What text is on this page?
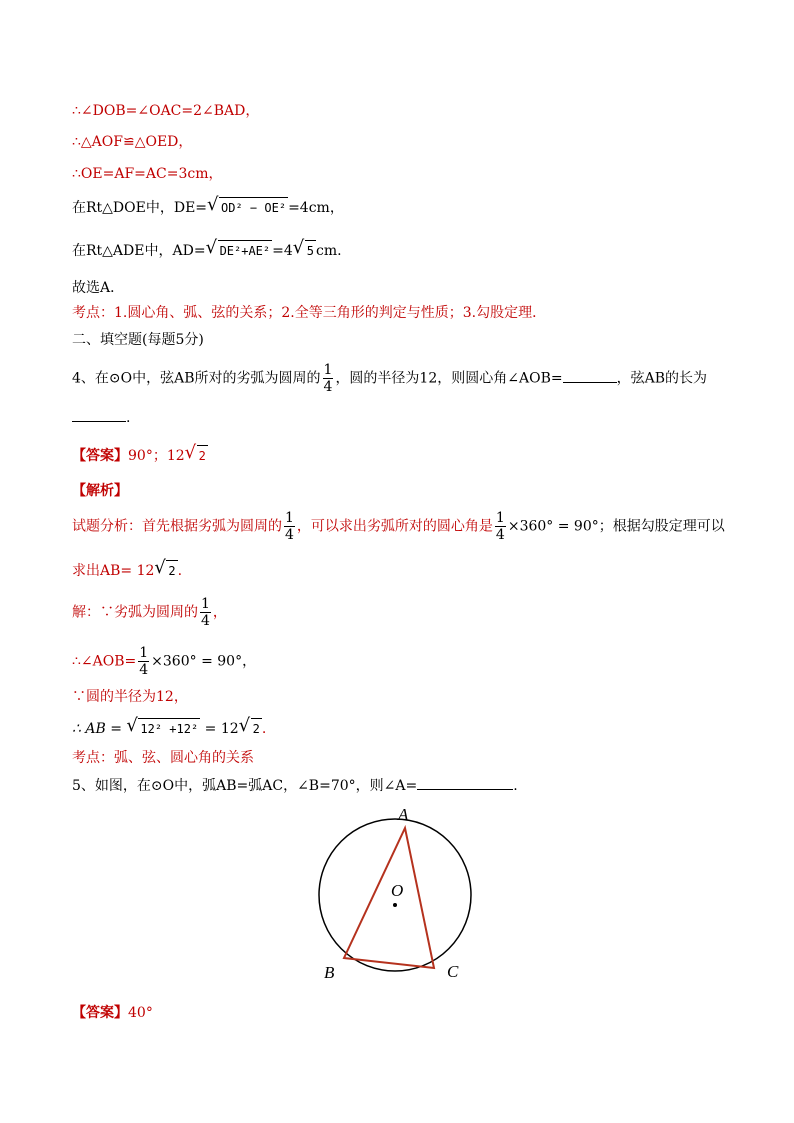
∴∠DOB=∠OAC=2∠BAD，
∴△AOF≌△OED，
∴OE=AF=AC=3cm，
在Rt△DOE中，DE= √ OD² − OE² =4cm，
在Rt△ADE中，AD= √ DE²+AE² =4 √ 5 cm.
故选A．
考点：1.圆心角、弧、弦的关系；2.全等三角形的判定与性质；3.勾股定理．
二、填空题(每题5分)
4、在⊙O中，弦AB所对的劣弧为圆周的 $\frac{1}{4}$ ，圆的半径为12，则圆心角∠AOB=	，弦AB的长为
.
【答案】90°；12 √ 2
【解析】
试题分析：首先根据劣弧为圆周的 $\frac{1}{4}$ ，可以求出劣弧所对的圆心角是 $\frac{1}{4} \times 360^\circ = 90^\circ$；根据勾股定理可以
求出AB= 12 √ 2 .
解：∵劣弧为圆周的 $\frac{1}{4}$ ，
∴∠AOB= $\frac{1}{4} \times 360^\circ = 90^\circ$，
∵圆的半径为12，
∴ AB = √ 12² +12² = 12 √ 2 .
考点：弧、弦、圆心角的关系
5、如图，在⊙O中，弧AB=弧AC，∠B=70°，则∠A=	.
A
O
B	C
【答案】40°
